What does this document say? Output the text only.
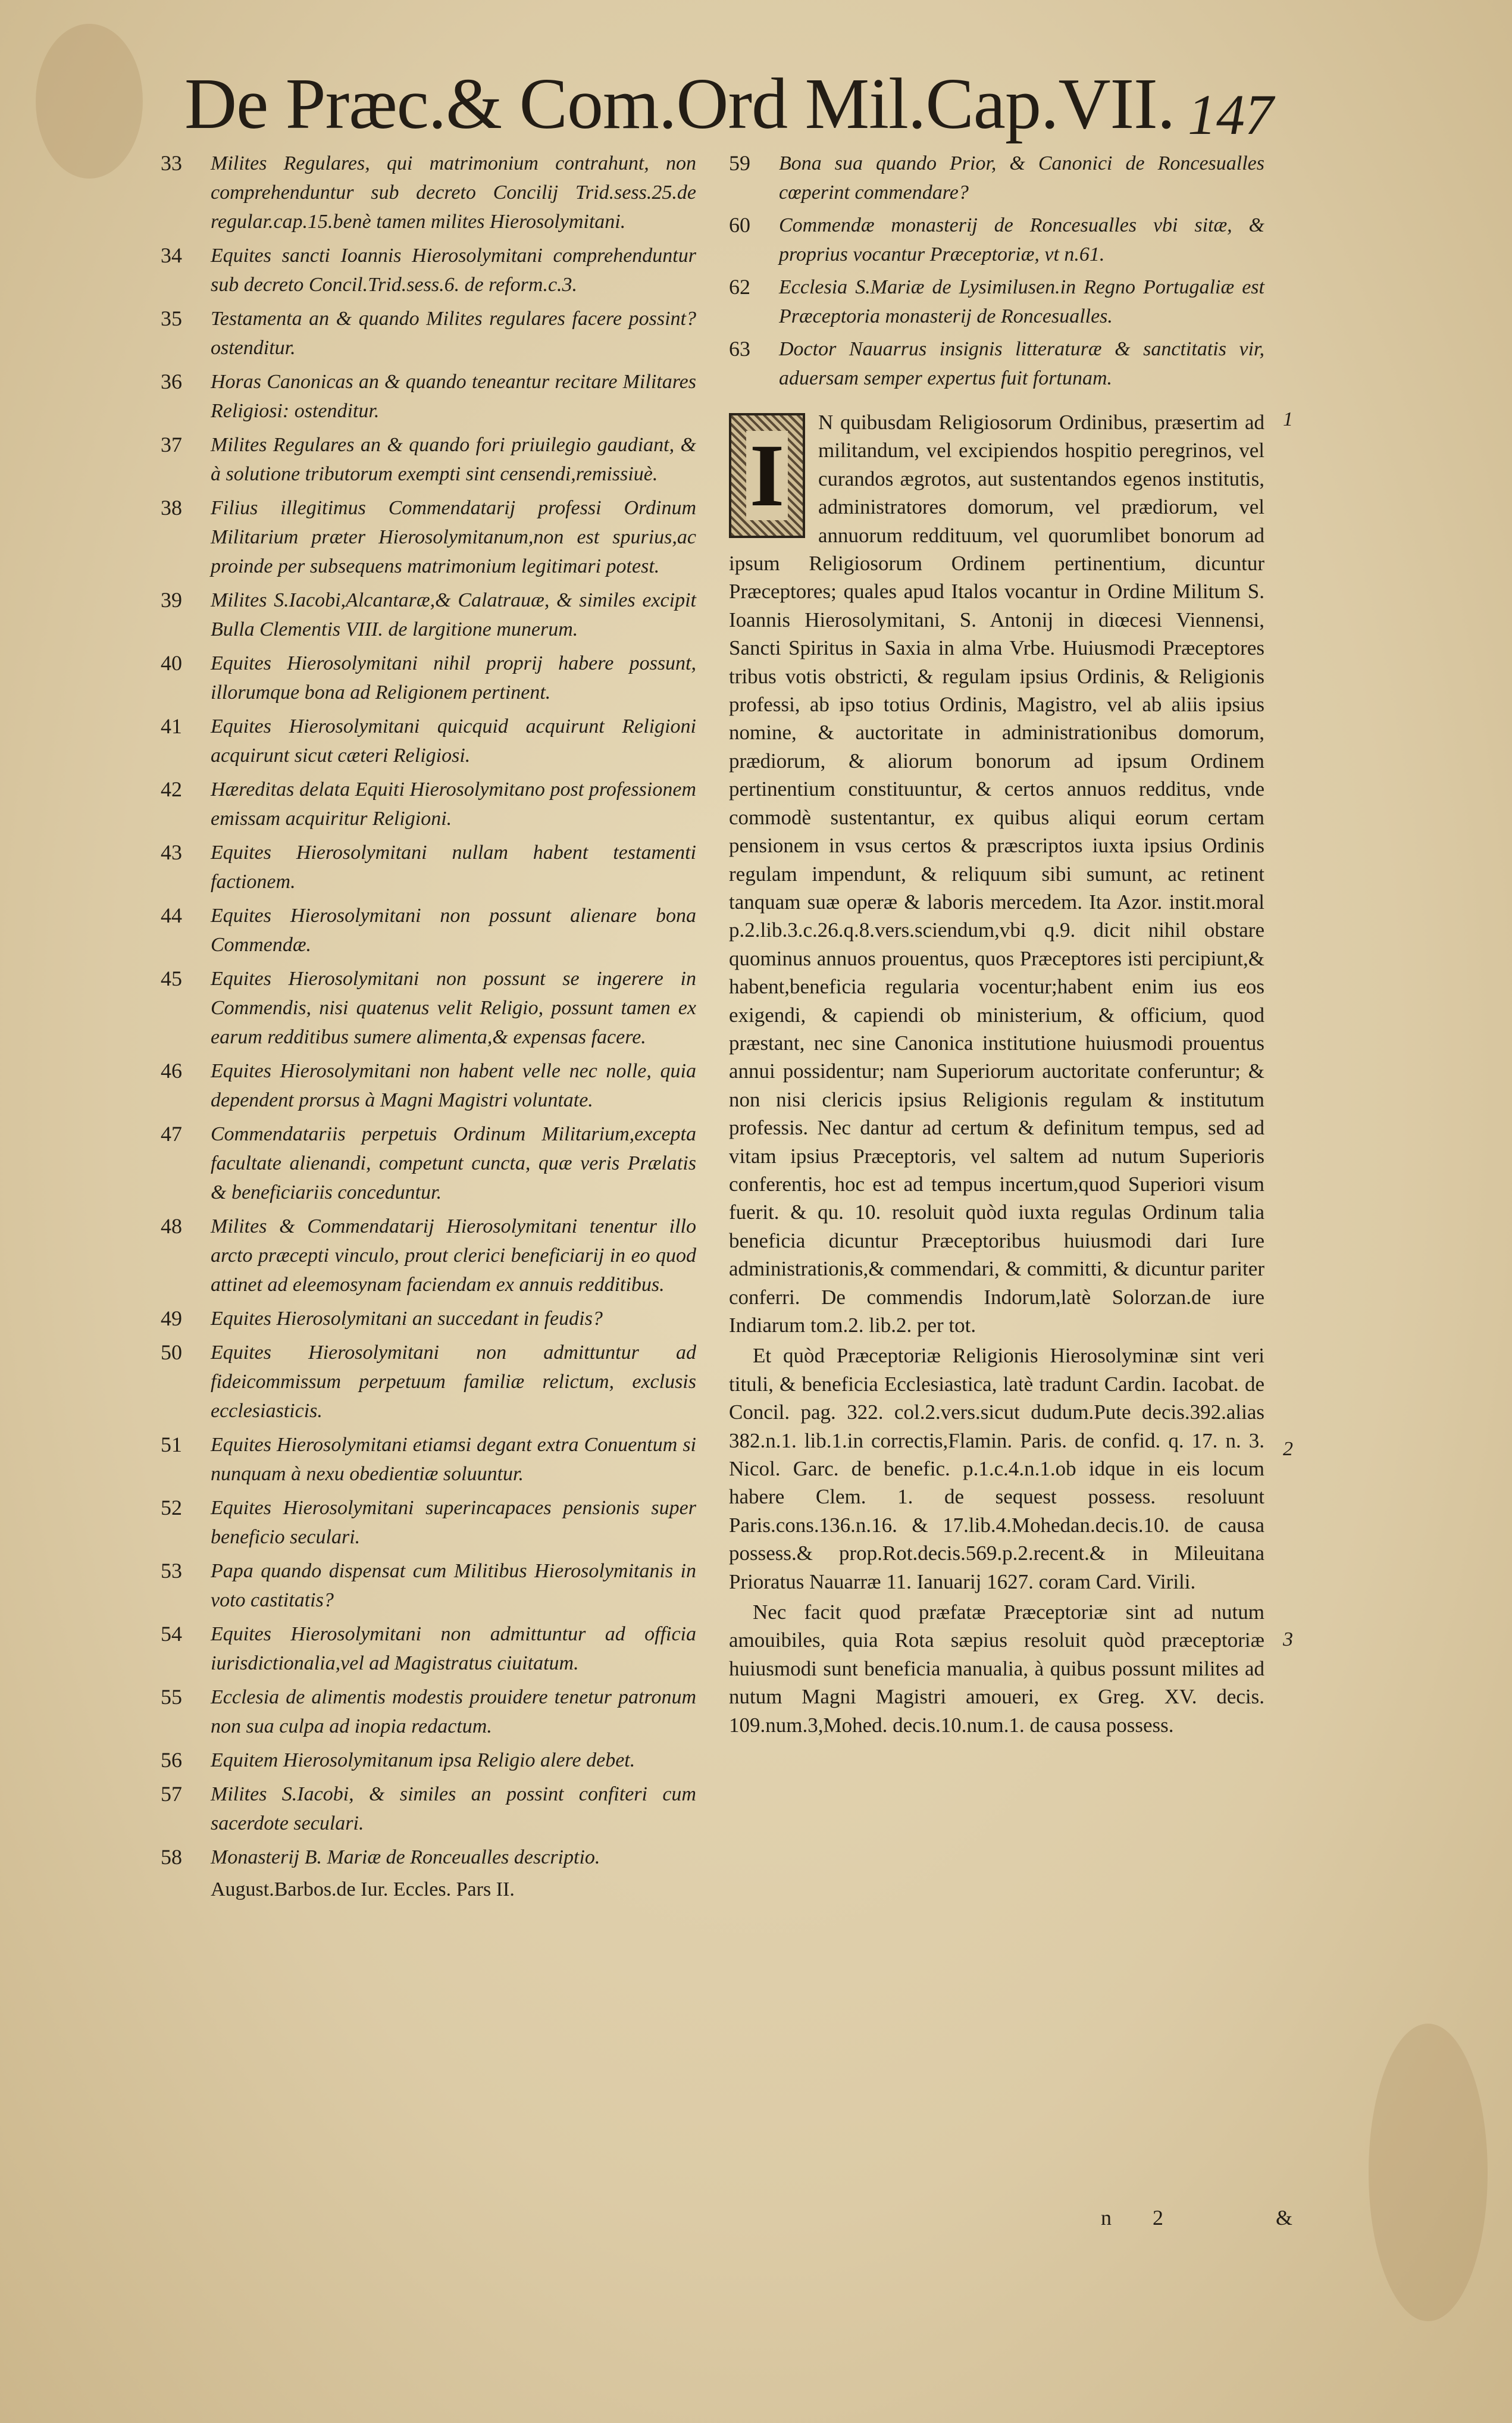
De Præc.& Com.Ord Mil.Cap.VII. 147
33	Milites Regulares, qui matrimonium contrahunt, non comprehenduntur sub decreto Concilij Trid.sess.25.de regular.cap.15.benè tamen milites Hierosolymitani.
34	Equites sancti Ioannis Hierosolymitani comprehenduntur sub decreto Concil.Trid.sess.6. de reform.c.3.
35	Testamenta an & quando Milites regulares facere possint? ostenditur.
36	Horas Canonicas an & quando teneantur recitare Militares Religiosi: ostenditur.
37	Milites Regulares an & quando fori priuilegio gaudiant, & à solutione tributorum exempti sint censendi,remissiuè.
38	Filius illegitimus Commendatarij professi Ordinum Militarium præter Hierosolymitanum,non est spurius,ac proinde per subsequens matrimonium legitimari potest.
39	Milites S.Iacobi,Alcantaræ,& Calatrauæ, & similes excipit Bulla Clementis VIII. de largitione munerum.
40	Equites Hierosolymitani nihil proprij habere possunt, illorumque bona ad Religionem pertinent.
41	Equites Hierosolymitani quicquid acquirunt Religioni acquirunt sicut cæteri Religiosi.
42	Hæreditas delata Equiti Hierosolymitano post professionem emissam acquiritur Religioni.
43	Equites Hierosolymitani nullam habent testamenti factionem.
44	Equites Hierosolymitani non possunt alienare bona Commendæ.
45	Equites Hierosolymitani non possunt se ingerere in Commendis, nisi quatenus velit Religio, possunt tamen ex earum redditibus sumere alimenta,& expensas facere.
46	Equites Hierosolymitani non habent velle nec nolle, quia dependent prorsus à Magni Magistri voluntate.
47	Commendatariis perpetuis Ordinum Militarium,excepta facultate alienandi, competunt cuncta, quæ veris Prælatis & beneficiariis conceduntur.
48	Milites & Commendatarij Hierosolymitani tenentur illo arcto præcepti vinculo, prout clerici beneficiarij in eo quod attinet ad eleemosynam faciendam ex annuis redditibus.
49	Equites Hierosolymitani an succedant in feudis?
50	Equites Hierosolymitani non admittuntur ad fideicommissum perpetuum familiæ relictum, exclusis ecclesiasticis.
51	Equites Hierosolymitani etiamsi degant extra Conuentum si nunquam à nexu obedientiæ soluuntur.
52	Equites Hierosolymitani superincapaces pensionis super beneficio seculari.
53	Papa quando dispensat cum Militibus Hierosolymitanis in voto castitatis?
54	Equites Hierosolymitani non admittuntur ad officia iurisdictionalia,vel ad Magistratus ciuitatum.
55	Ecclesia de alimentis modestis prouidere tenetur patronum non sua culpa ad inopia redactum.
56	Equitem Hierosolymitanum ipsa Religio alere debet.
57	Milites S.Iacobi, & similes an possint confiteri cum sacerdote seculari.
58	Monasterij B. Mariæ de Ronceualles descriptio.
August.Barbos.de Iur. Eccles. Pars II.
59	Bona sua quando Prior, & Canonici de Roncesualles cœperint commendare?
60	Commendæ monasterij de Roncesualles vbi sitæ, & proprius vocantur Præceptoriæ, vt n.61.
62	Ecclesia S.Mariæ de Lysimilusen.in Regno Portugaliæ est Præceptoria monasterij de Roncesualles.
63	Doctor Nauarrus insignis litteraturæ & sanctitatis vir, aduersam semper expertus fuit fortunam.
I

N quibusdam Religiosorum Ordinibus, præsertim ad militandum, vel excipiendos hospitio peregrinos, vel curandos ægrotos, aut sustentandos egenos institutis, administratores domorum, vel prædiorum, vel annuorum reddituum, vel quorumlibet bonorum ad ipsum Religiosorum Ordinem pertinentium, dicuntur Præceptores; quales apud Italos vocantur in Ordine Militum S. Ioannis Hierosolymitani, S. Antonij in diœcesi Viennensi, Sancti Spiritus in Saxia in alma Vrbe. Huiusmodi Præceptores tribus votis obstricti, & regulam ipsius Ordinis, & Religionis professi, ab ipso totius Ordinis, Magistro, vel ab aliis ipsius nomine, & auctoritate in administrationibus domorum, prædiorum, & aliorum bonorum ad ipsum Ordinem pertinentium constituuntur, & certos annuos redditus, vnde commodè sustentantur, ex quibus aliqui eorum certam pensionem in vsus certos & præscriptos iuxta ipsius Ordinis regulam impendunt, & reliquum sibi sumunt, ac retinent tanquam suæ operæ & laboris mercedem. Ita Azor. instit.moral p.2.lib.3.c.26.q.8.vers.sciendum,vbi q.9. dicit nihil obstare quominus annuos prouentus, quos Præceptores isti percipiunt,& habent,beneficia regularia vocentur;habent enim ius eos exigendi, & capiendi ob ministerium, & officium, quod præstant, nec sine Canonica institutione huiusmodi prouentus annui possidentur; nam Superiorum auctoritate conferuntur; & non nisi clericis ipsius Religionis regulam & institutum professis. Nec dantur ad certum & definitum tempus, sed ad vitam ipsius Præceptoris, vel saltem ad nutum Superioris conferentis, hoc est ad tempus incertum,quod Superiori visum fuerit. & qu. 10. resoluit quòd iuxta regulas Ordinum talia beneficia dicuntur Præceptoribus huiusmodi dari Iure administrationis,& commendari, & committi, & dicuntur pariter conferri. De commendis Indorum,latè Solorzan.de iure Indiarum tom.2. lib.2. per tot.

Et quòd Præceptoriæ Religionis Hierosolyminæ sint veri tituli, & beneficia Ecclesiastica, latè tradunt Cardin. Iacobat. de Concil. pag. 322. col.2.vers.sicut dudum.Pute decis.392.alias 382.n.1. lib.1.in correctis,Flamin. Paris. de confid. q. 17. n. 3. Nicol. Garc. de benefic. p.1.c.4.n.1.ob idque in eis locum habere Clem. 1. de sequest possess. resoluunt Paris.cons.136.n.16. & 17.lib.4.Mohedan.decis.10. de causa possess.& prop.Rot.decis.569.p.2.recent.& in Mileuitana Prioratus Nauarræ 11. Ianuarij 1627. coram Card. Virili.

Nec facit quod præfatæ Præceptoriæ sint ad nutum amouibiles, quia Rota sæpius resoluit quòd præceptoriæ huiusmodi sunt beneficia manualia, à quibus possunt milites ad nutum Magni Magistri amoueri, ex Greg. XV. decis. 109.num.3,Mohed. decis.10.num.1. de causa possess.

1
2
3
n 2	&
